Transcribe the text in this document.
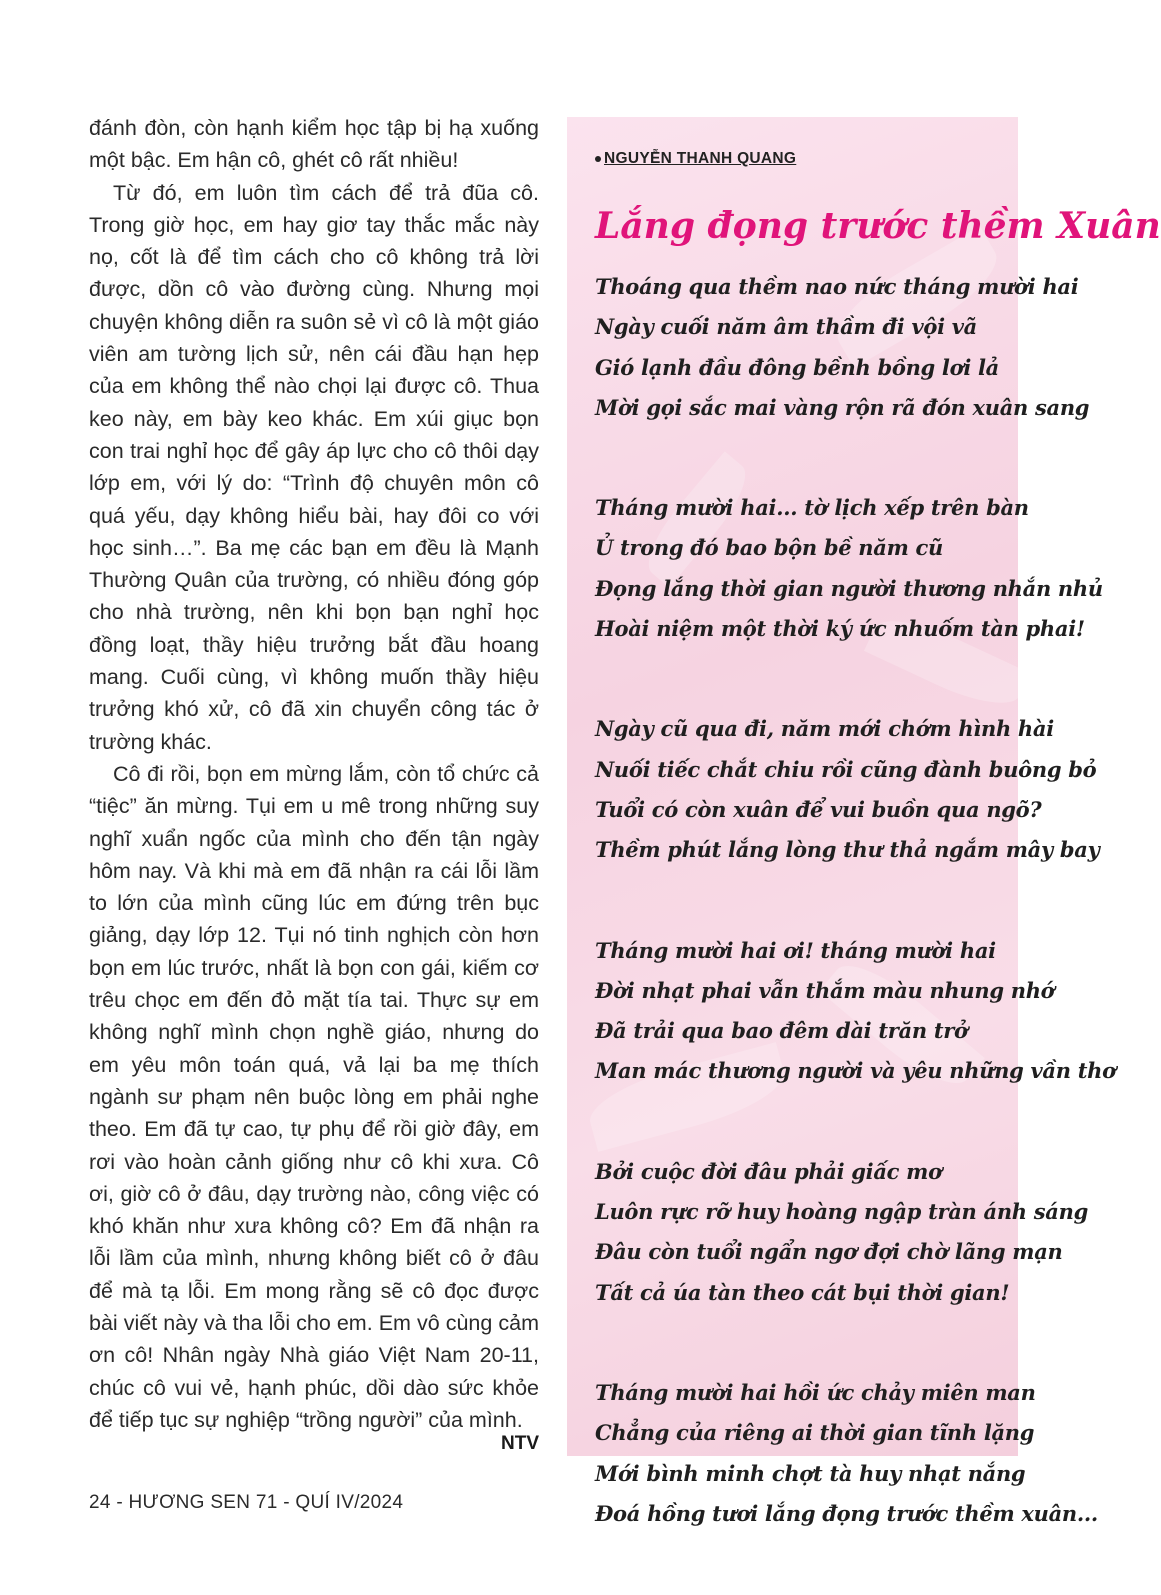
đánh đòn, còn hạnh kiểm học tập bị hạ xuống một bậc. Em hận cô, ghét cô rất nhiều!

Từ đó, em luôn tìm cách để trả đũa cô. Trong giờ học, em hay giơ tay thắc mắc này nọ, cốt là để tìm cách cho cô không trả lời được, dồn cô vào đường cùng. Nhưng mọi chuyện không diễn ra suôn sẻ vì cô là một giáo viên am tường lịch sử, nên cái đầu hạn hẹp của em không thể nào chọi lại được cô. Thua keo này, em bày keo khác. Em xúi giục bọn con trai nghỉ học để gây áp lực cho cô thôi dạy lớp em, với lý do: “Trình độ chuyên môn cô quá yếu, dạy không hiểu bài, hay đôi co với học sinh…”. Ba mẹ các bạn em đều là Mạnh Thường Quân của trường, có nhiều đóng góp cho nhà trường, nên khi bọn bạn nghỉ học đồng loạt, thầy hiệu trưởng bắt đầu hoang mang. Cuối cùng, vì không muốn thầy hiệu trưởng khó xử, cô đã xin chuyển công tác ở trường khác.

Cô đi rồi, bọn em mừng lắm, còn tổ chức cả “tiệc” ăn mừng. Tụi em u mê trong những suy nghĩ xuẩn ngốc của mình cho đến tận ngày hôm nay. Và khi mà em đã nhận ra cái lỗi lầm to lớn của mình cũng lúc em đứng trên bục giảng, dạy lớp 12. Tụi nó tinh nghịch còn hơn bọn em lúc trước, nhất là bọn con gái, kiếm cơ trêu chọc em đến đỏ mặt tía tai. Thực sự em không nghĩ mình chọn nghề giáo, nhưng do em yêu môn toán quá, vả lại ba mẹ thích ngành sư phạm nên buộc lòng em phải nghe theo. Em đã tự cao, tự phụ để rồi giờ đây, em rơi vào hoàn cảnh giống như cô khi xưa. Cô ơi, giờ cô ở đâu, dạy trường nào, công việc có khó khăn như xưa không cô? Em đã nhận ra lỗi lầm của mình, nhưng không biết cô ở đâu để mà tạ lỗi. Em mong rằng sẽ cô đọc được bài viết này và tha lỗi cho em. Em vô cùng cảm ơn cô! Nhân ngày Nhà giáo Việt Nam 20-11, chúc cô vui vẻ, hạnh phúc, dồi dào sức khỏe để tiếp tục sự nghiệp “trồng người” của mình.

NTV
NGUYỄN THANH QUANG
Lắng đọng trước thềm Xuân
Thoáng qua thềm nao nức tháng mười hai
Ngày cuối năm âm thầm đi vội vã
Gió lạnh đầu đông bềnh bồng lơi lả
Mời gọi sắc mai vàng rộn rã đón xuân sang
Tháng mười hai... tờ lịch xếp trên bàn
Ủ trong đó bao bộn bề năm cũ
Đọng lắng thời gian người thương nhắn nhủ
Hoài niệm một thời ký ức nhuốm tàn phai!
Ngày cũ qua đi, năm mới chớm hình hài
Nuối tiếc chắt chiu rồi cũng đành buông bỏ
Tuổi có còn xuân để vui buồn qua ngõ?
Thềm phút lắng lòng thư thả ngắm mây bay
Tháng mười hai ơi! tháng mười hai
Đời nhạt phai vẫn thắm màu nhung nhớ
Đã trải qua bao đêm dài trăn trở
Man mác thương người và yêu những vần thơ
Bởi cuộc đời đâu phải giấc mơ
Luôn rực rỡ huy hoàng ngập tràn ánh sáng
Đâu còn tuổi ngẩn ngơ đợi chờ lãng mạn
Tất cả úa tàn theo cát bụi thời gian!
Tháng mười hai hồi ức chảy miên man
Chẳng của riêng ai thời gian tĩnh lặng
Mới bình minh chợt tà huy nhạt nắng
Đoá hồng tươi lắng đọng trước thềm xuân...
24 - HƯƠNG SEN 71 - QUÍ IV/2024
